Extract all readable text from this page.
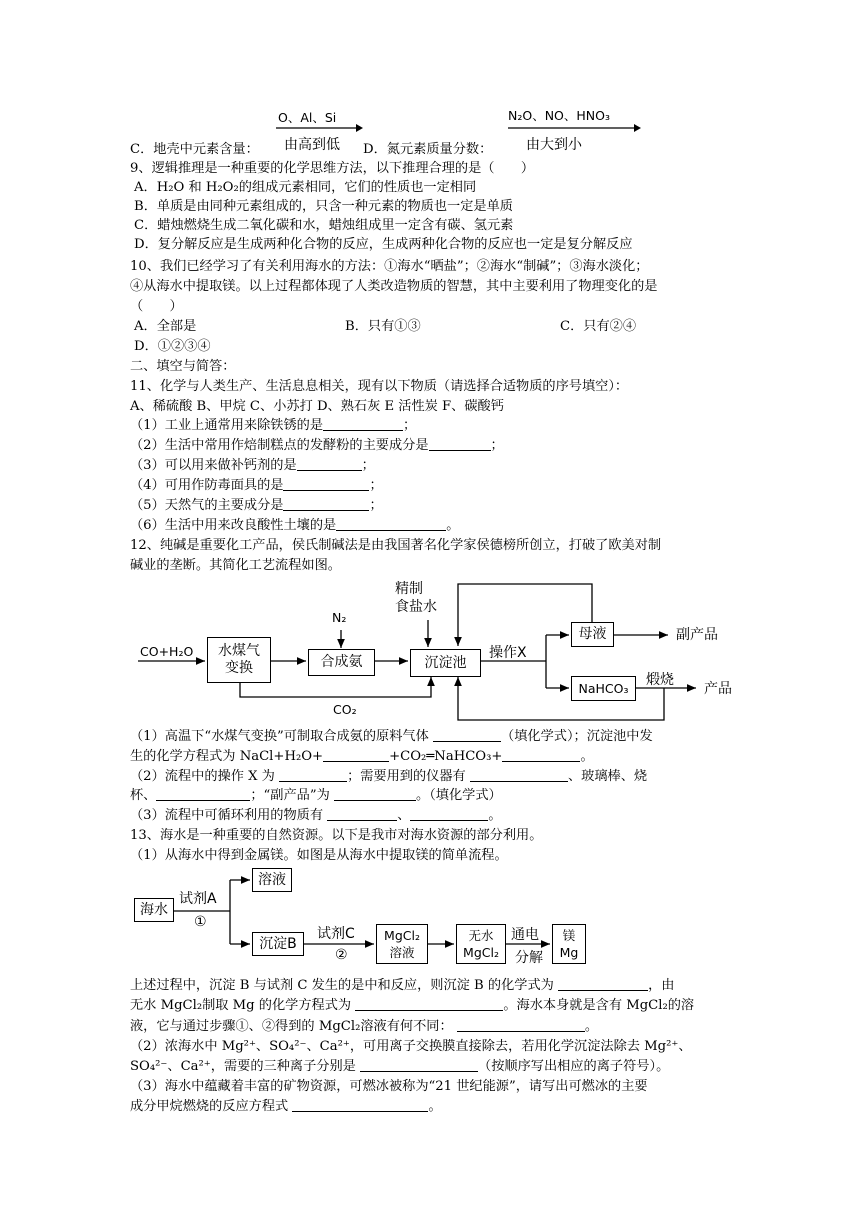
O、Al、Si
由高到低
N₂O、NO、HNO₃
由大到小
C．地壳中元素含量：	D．氮元素质量分数：
9、逻辑推理是一种重要的化学思维方法，以下推理合理的是（　　）
A．H₂O 和 H₂O₂的组成元素相同，它们的性质也一定相同
B．单质是由同种元素组成的，只含一种元素的物质也一定是单质
C．蜡烛燃烧生成二氧化碳和水，蜡烛组成里一定含有碳、氢元素
D．复分解反应是生成两种化合物的反应，生成两种化合物的反应也一定是复分解反应
10、我们已经学习了有关利用海水的方法：①海水“晒盐”；②海水“制碱”；③海水淡化；
④从海水中提取镁。以上过程都体现了人类改造物质的智慧，其中主要利用了物理变化的是
（　　）
A．全部是	B．只有①③	C．只有②④
D．①②③④
二、填空与简答：
11、化学与人类生产、生活息息相关，现有以下物质（请选择合适物质的序号填空）：
A、稀硫酸 B、甲烷 C、小苏打 D、熟石灰 E 活性炭 F、碳酸钙
（1）工业上通常用来除铁锈的是	；
（2）生活中常用作焙制糕点的发酵粉的主要成分是	；
（3）可以用来做补钙剂的是	；
（4）可用作防毒面具的是	；
（5）天然气的主要成分是	；
（6）生活中用来改良酸性土壤的是	。
12、纯碱是重要化工产品，侯氏制碱法是由我国著名化学家侯德榜所创立，打破了欧美对制
碱业的垄断。其简化工艺流程如图。
CO+H₂O	水煤气
变换
N₂
合成氨
精制
食盐水
沉淀池
操作X
CO₂
母液	副产品
NaHCO₃
煅烧
产品
（1）高温下“水煤气变换”可制取合成氨的原料气体	（填化学式）；沉淀池中发
生的化学方程式为 NaCl+H₂O+	+CO₂═NaHCO₃+	。
（2）流程中的操作 X 为	；需要用到的仪器有	、玻璃棒、烧
杯、	；“副产品”为	。（填化学式）
（3）流程中可循环利用的物质有	、	。
13、海水是一种重要的自然资源。以下是我市对海水资源的部分利用。
（1）从海水中得到金属镁。如图是从海水中提取镁的简单流程。
海水
试剂A
①
溶液
沉淀B
试剂C
②
MgCl₂
溶液
无水
MgCl₂
通电
分解
镁
Mg
上述过程中，沉淀 B 与试剂 C 发生的是中和反应，则沉淀 B 的化学式为	，由
无水 MgCl₂制取 Mg 的化学方程式为	。海水本身就是含有 MgCl₂的溶
液，它与通过步骤①、②得到的 MgCl₂溶液有何不同：	。
（2）浓海水中 Mg²⁺、SO₄²⁻、Ca²⁺，可用离子交换膜直接除去，若用化学沉淀法除去 Mg²⁺、
SO₄²⁻、Ca²⁺，需要的三种离子分别是	（按顺序写出相应的离子符号）。
（3）海水中蕴藏着丰富的矿物资源，可燃冰被称为“21 世纪能源”，请写出可燃冰的主要
成分甲烷燃烧的反应方程式	。
